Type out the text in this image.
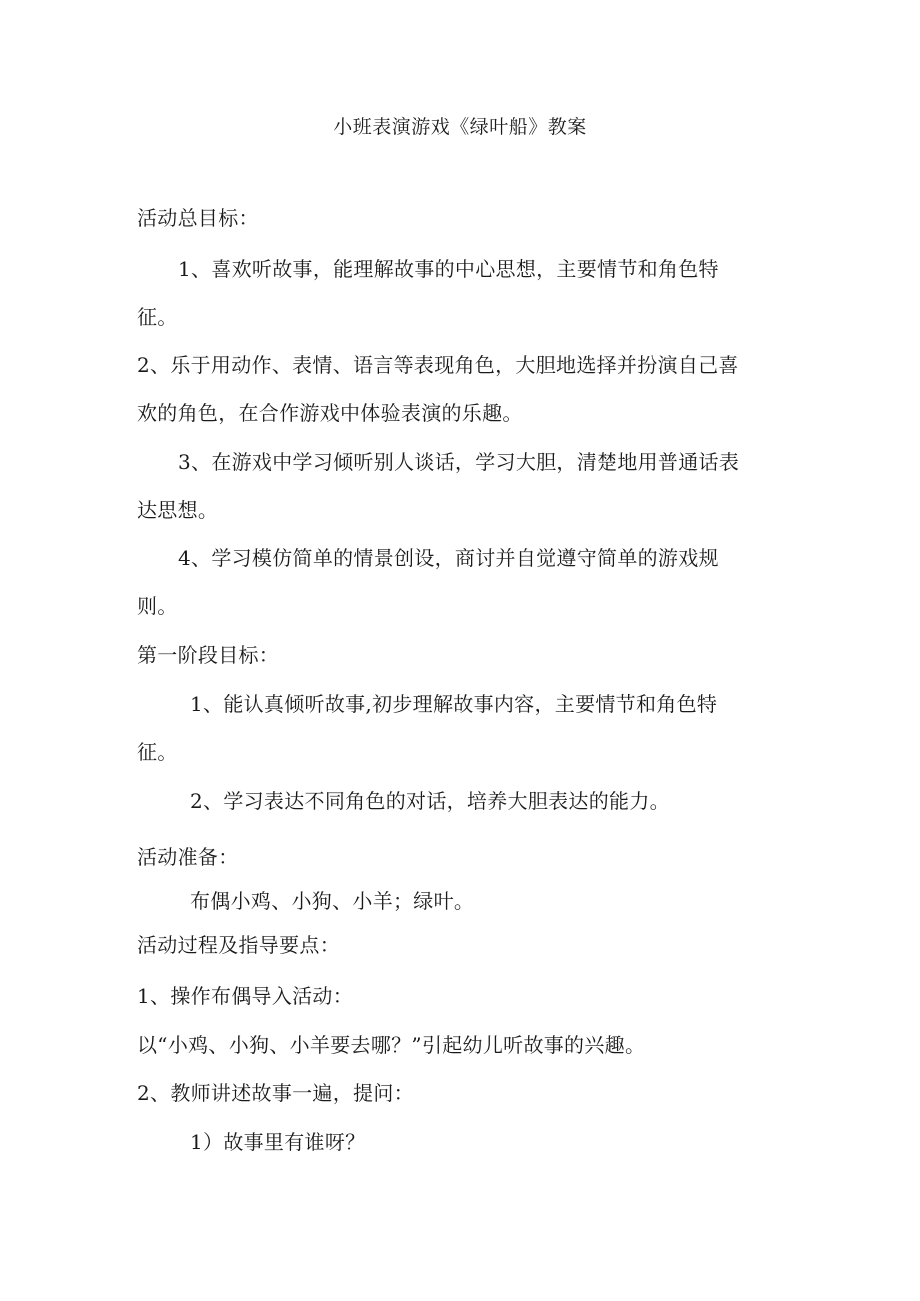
小班表演游戏《绿叶船》教案
活动总目标：
1、喜欢听故事，能理解故事的中心思想，主要情节和角色特
征。
2、乐于用动作、表情、语言等表现角色，大胆地选择并扮演自己喜
欢的角色，在合作游戏中体验表演的乐趣。
3、在游戏中学习倾听别人谈话，学习大胆，清楚地用普通话表
达思想。
4、学习模仿简单的情景创设，商讨并自觉遵守简单的游戏规
则。
第一阶段目标：
1、能认真倾听故事,初步理解故事内容，主要情节和角色特
征。
2、学习表达不同角色的对话，培养大胆表达的能力。
活动准备：
布偶小鸡、小狗、小羊；绿叶。
活动过程及指导要点：
1、操作布偶导入活动：
以“小鸡、小狗、小羊要去哪？”引起幼儿听故事的兴趣。
2、教师讲述故事一遍，提问：
1）故事里有谁呀？
